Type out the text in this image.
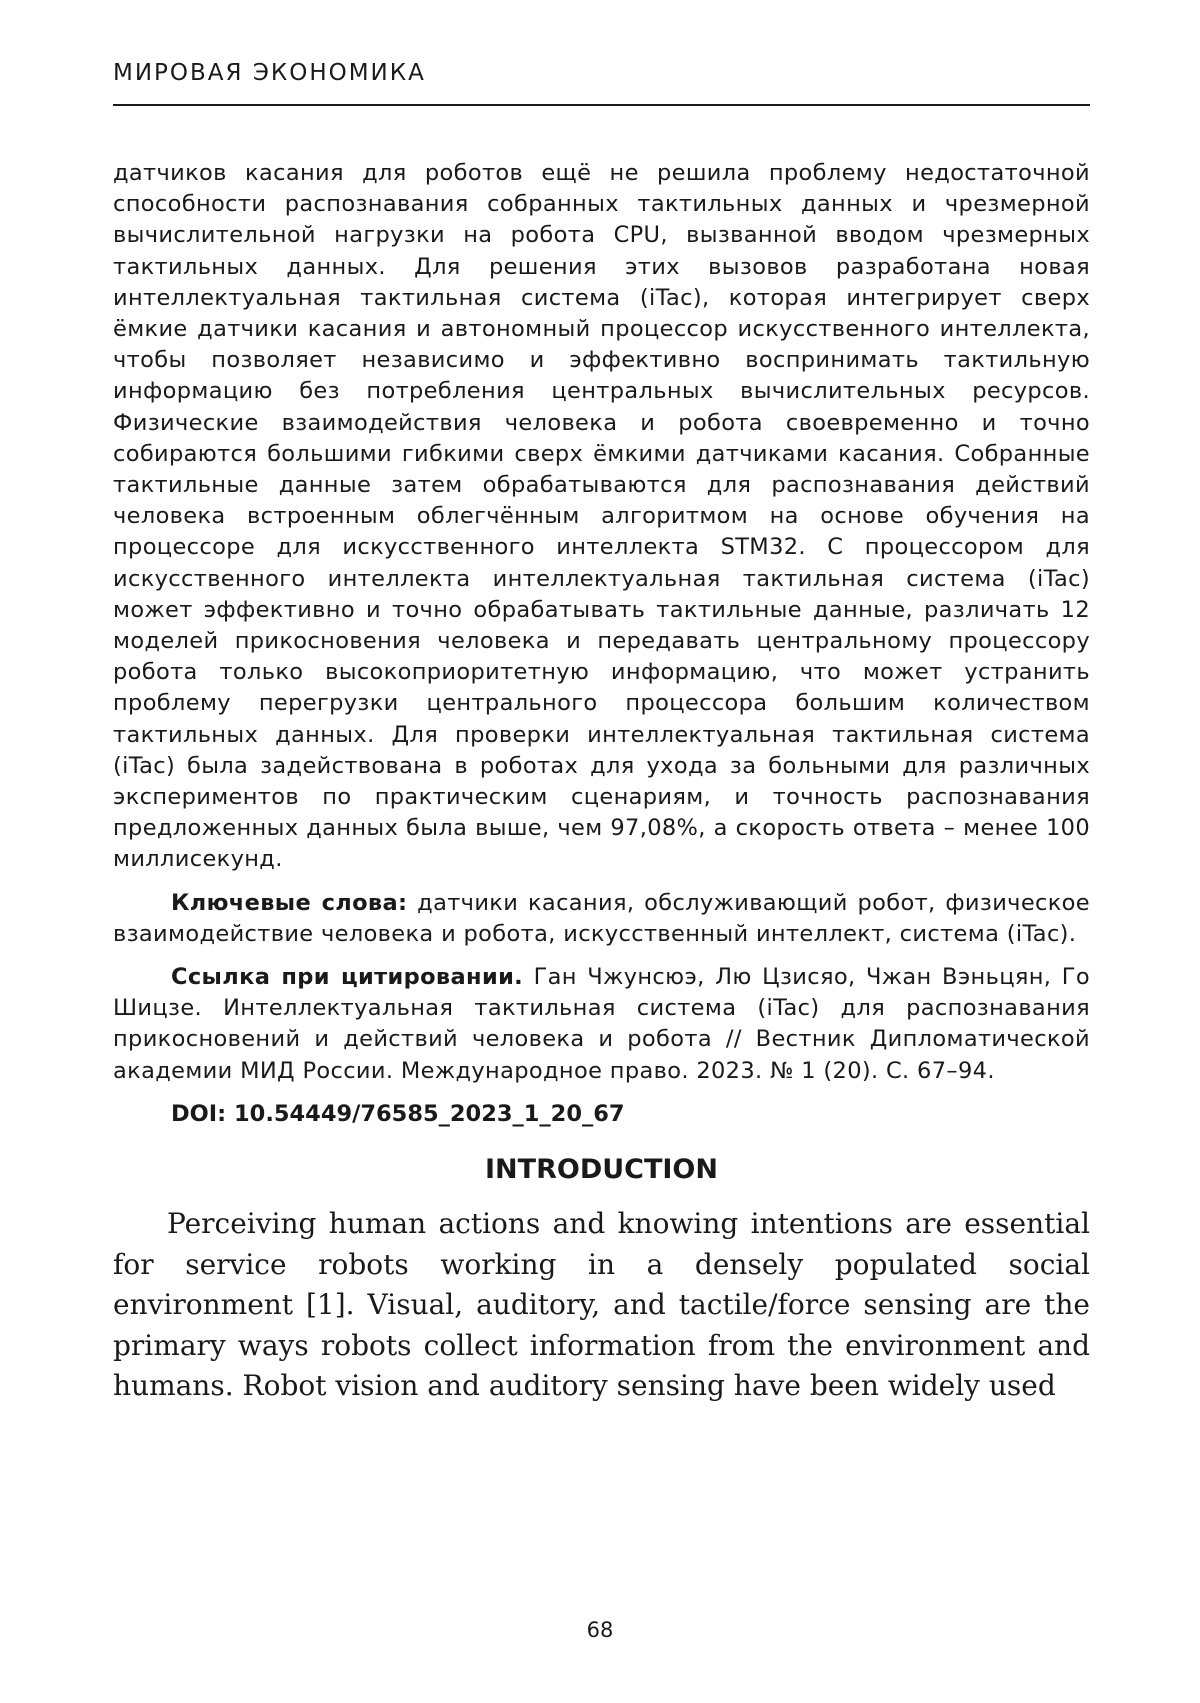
МИРОВАЯ ЭКОНОМИКА

датчиков касания для роботов ещё не решила проблему недостаточной способности распознавания собранных тактильных данных и чрезмерной вычислительной нагрузки на робота CPU, вызванной вводом чрезмерных тактильных данных. Для решения этих вызовов разработана новая интеллектуальная тактильная система (iTac), которая интегрирует сверх ёмкие датчики касания и автономный процессор искусственного интеллекта, чтобы позволяет независимо и эффективно воспринимать тактильную информацию без потребления центральных вычислительных ресурсов. Физические взаимодействия человека и робота своевременно и точно собираются большими гибкими сверх ёмкими датчиками касания. Собранные тактильные данные затем обрабатываются для распознавания действий человека встроенным облегчённым алгоритмом на основе обучения на процессоре для искусственного интеллекта STM32. С процессором для искусственного интеллекта интеллектуальная тактильная система (iTac) может эффективно и точно обрабатывать тактильные данные, различать 12 моделей прикосновения человека и передавать центральному процессору робота только высокоприоритетную информацию, что может устранить проблему перегрузки центрального процессора большим количеством тактильных данных. Для проверки интеллектуальная тактильная система (iTac) была задействована в роботах для ухода за больными для различных экспериментов по практическим сценариям, и точность распознавания предложенных данных была выше, чем 97,08%, а скорость ответа – менее 100 миллисекунд.

Ключевые слова: датчики касания, обслуживающий робот, физическое взаимодействие человека и робота, искусственный интеллект, система (iTac).

Ссылка при цитировании. Ган Чжунсюэ, Лю Цзисяо, Чжан Вэньцян, Го Шицзе. Интеллектуальная тактильная система (iTac) для распознавания прикосновений и действий человека и робота // Вестник Дипломатической академии МИД России. Международное право. 2023. № 1 (20). С. 67–94.

DOI: 10.54449/76585_2023_1_20_67

INTRODUCTION

Perceiving human actions and knowing intentions are essential for service robots working in a densely populated social environment [1]. Visual, auditory, and tactile/force sensing are the primary ways robots collect information from the environment and humans. Robot vision and auditory sensing have been widely used

68
